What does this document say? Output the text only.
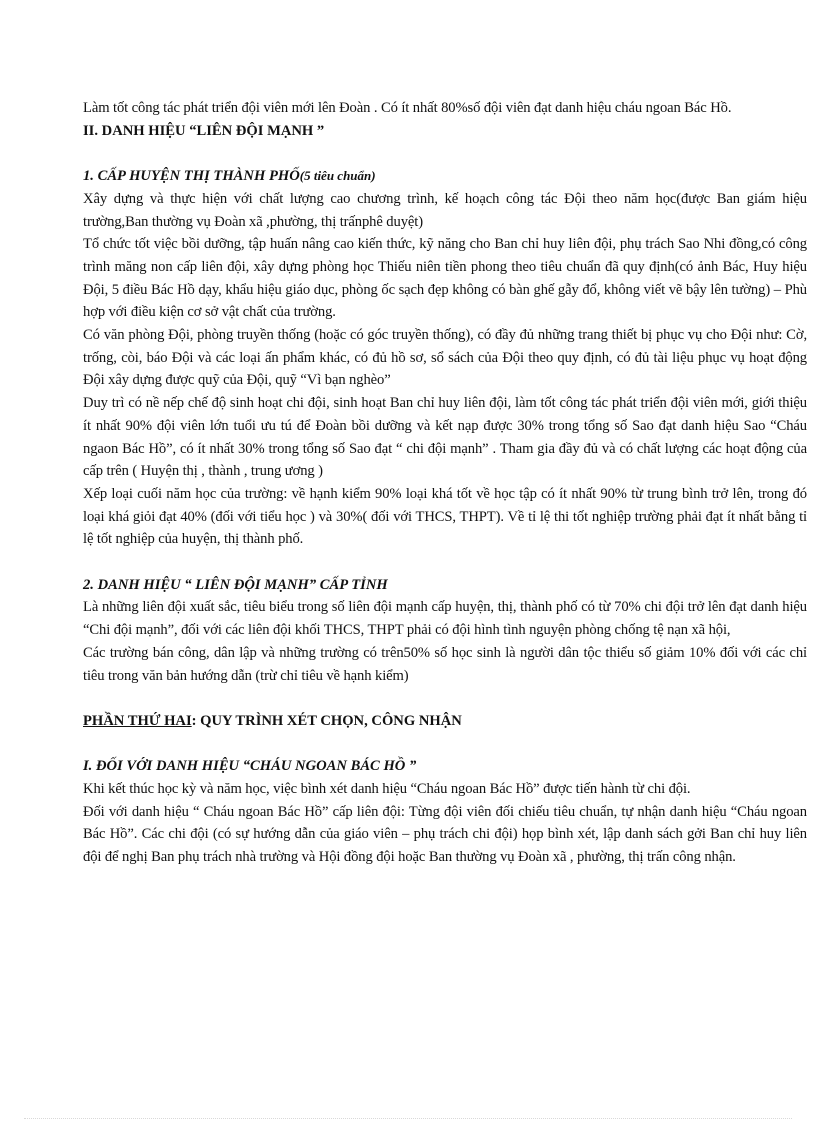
Làm tốt công tác phát triển đội viên mới lên Đoàn . Có ít nhất 80%số đội viên đạt danh hiệu cháu ngoan Bác Hồ.

II. DANH HIỆU “LIÊN ĐỘI MẠNH ”
1. CẤP HUYỆN THỊ THÀNH PHỐ(5 tiêu chuẩn)

Xây dựng và thực hiện với chất lượng cao chương trình, kế hoạch công tác Đội theo năm học(được Ban giám hiệu trường,Ban thường vụ Đoàn xã ,phường, thị trấnphê duyệt)

Tổ chức tốt việc bồi dưỡng, tập huấn nâng cao kiến thức, kỹ năng cho Ban chỉ huy liên đội, phụ trách Sao Nhi đồng,có công trình măng non cấp liên đội, xây dựng phòng học Thiếu niên tiền phong theo tiêu chuẩn đã quy định(có ảnh Bác, Huy hiệu Đội, 5 điều Bác Hồ dạy, khẩu hiệu giáo dục, phòng ốc sạch đẹp không có bàn ghế gẫy đổ, không viết vẽ bậy lên tường) – Phù hợp với điều kiện cơ sở vật chất của trường.

Có văn phòng Đội, phòng truyền thống (hoặc có góc truyền thống), có đầy đủ những trang thiết bị phục vụ cho Đội như: Cờ, trống, còi, báo Đội và các loại ấn phẩm khác, có đủ hồ sơ, sổ sách của Đội theo quy định, có đủ tài liệu phục vụ hoạt động Đội xây dựng được quỹ của Đội, quỹ “Vì bạn nghèo”

Duy trì có nề nếp chế độ sinh hoạt chi đội, sinh hoạt Ban chỉ huy liên đội, làm tốt công tác phát triển đội viên mới, giới thiệu ít nhất 90% đội viên lớn tuổi ưu tú để Đoàn bồi dưỡng và kết nạp được 30% trong tổng số Sao đạt danh hiệu Sao “Cháu ngaon Bác Hồ”, có ít nhất 30% trong tổng số Sao đạt “ chi đội mạnh” . Tham gia đầy đủ và có chất lượng các hoạt động của cấp trên ( Huyện thị , thành , trung ương )

Xếp loại cuối năm học của trường: về hạnh kiểm 90% loại khá tốt về học tập có ít nhất 90% từ trung bình trở lên, trong đó loại khá giỏi đạt 40% (đối với tiểu học ) và 30%( đối với THCS, THPT). Về tỉ lệ thi tốt nghiệp trường phải đạt ít nhất bằng tỉ lệ tốt nghiệp của huyện, thị thành phố.

2. DANH HIỆU “ LIÊN ĐỘI MẠNH” CẤP TỈNH

Là những liên đội xuất sắc, tiêu biểu trong số liên đội mạnh cấp huyện, thị, thành phố có từ 70% chi đội trở lên đạt danh hiệu “Chi đội mạnh”, đối với các liên đội khối THCS, THPT phải có đội hình tình nguyện phòng chống tệ nạn xã hội,

Các trường bán công, dân lập và những trường có trên50% số học sinh là người dân tộc thiểu số giảm 10% đối với các chỉ tiêu trong văn bản hướng dẫn (trừ chỉ tiêu về hạnh kiểm)

PHẦN THỨ HAI: QUY TRÌNH XÉT CHỌN, CÔNG NHẬN
I. ĐỐI VỚI DANH HIỆU “CHÁU NGOAN BÁC HỒ ”

Khi kết thúc học kỳ và năm học, việc bình xét danh hiệu “Cháu ngoan Bác Hồ” được tiến hành từ chi đội.

Đối với danh hiệu “ Cháu ngoan Bác Hồ” cấp liên đội: Từng đội viên đối chiếu tiêu chuẩn, tự nhận danh hiệu “Cháu ngoan Bác Hồ”. Các chi đội (có sự hướng dẫn của giáo viên – phụ trách chi đội) họp bình xét, lập danh sách gởi Ban chỉ huy liên đội để nghị Ban phụ trách nhà trường và Hội đồng đội hoặc Ban thường vụ Đoàn xã , phường, thị trấn công nhận.
